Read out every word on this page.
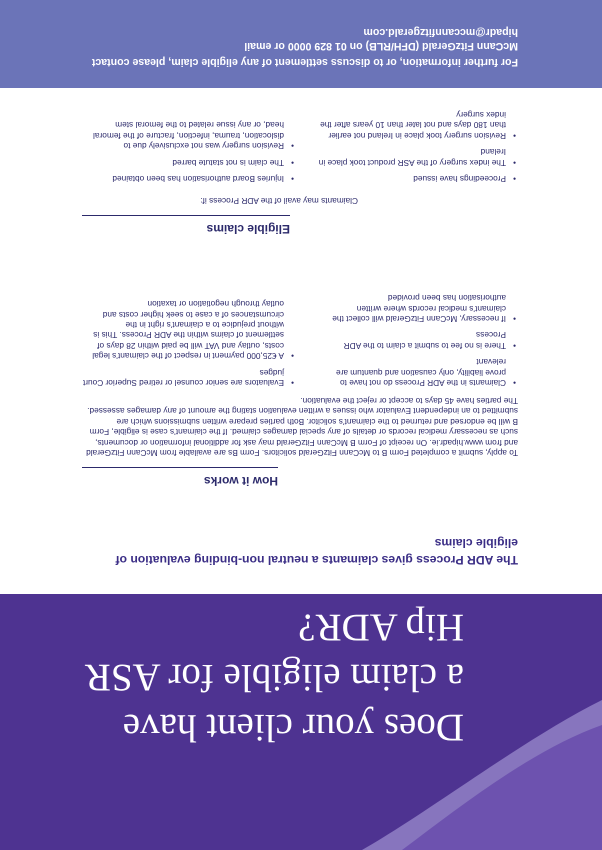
Does your client have
a claim eligible for ASR
Hip ADR?

The ADR Process gives claimants a neutral non-binding evaluation of eligible claims

How it works

To apply, submit a completed Form B to McCann FitzGerald solicitors. Form Bs are available from McCann FitzGerald and from www.hipadr.ie. On receipt of Form B McCann FitzGerald may ask for additional information or documents, such as necessary medical records or details of any special damages claimed. If the claimant’s case is eligible, Form B will be endorsed and returned to the claimant’s solicitor. Both parties prepare written submissions which are submitted to an independent Evaluator who issues a written evaluation stating the amount of any damages assessed. The parties have 45 days to accept or reject the evaluation.

• Evaluators are senior counsel or retired Superior Court judges
• A €25,000 payment in respect of the claimant’s legal costs, outlay and VAT will be paid within 28 days of settlement of claims within the ADR Process. This is without prejudice to a claimant’s right in the circumstances of a case to seek higher costs and outlay through negotiation or taxation
• Claimants in the ADR Process do not have to prove liability, only causation and quantum are relevant
• There is no fee to submit a claim to the ADR Process
• If necessary, McCann FitzGerald will collect the claimant’s medical records where written authorisation has been provided
Eligible claims

Claimants may avail of the ADR Process if:

• Injuries Board authorisation has been obtained
• The claim is not statute barred
• Revision surgery was not exclusively due to dislocation, trauma, infection, fracture of the femoral head, or any issue related to the femoral stem
• Proceedings have issued
• The index surgery of the ASR product took place in Ireland
• Revision surgery took place in Ireland not earlier than 180 days and not later than 10 years after the index surgery

For further information, or to discuss settlement of any eligible claim, please contact McCann FitzGerald (DFH/RLB) on 01 829 0000 or email

hipadr@mccannfitzgerald.com
